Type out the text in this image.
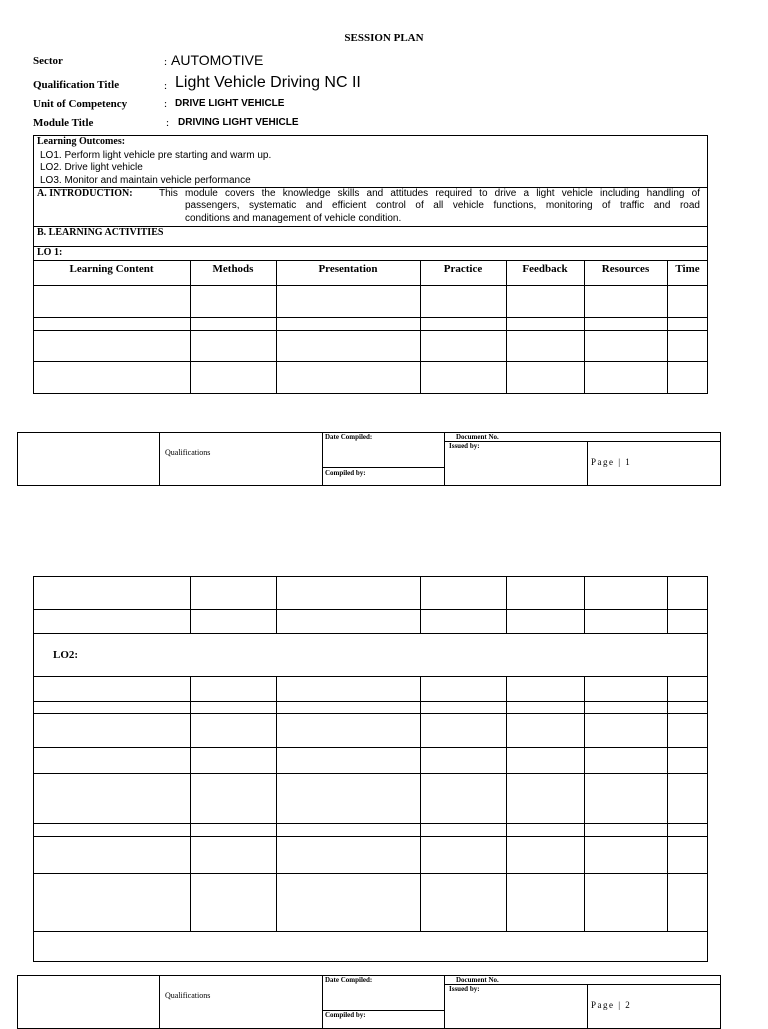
SESSION PLAN
Sector	: AUTOMOTIVE
Qualification Title	: Light Vehicle Driving NC II
Unit of Competency	: DRIVE LIGHT VEHICLE
Module Title	: DRIVING LIGHT VEHICLE
Learning Outcomes:
LO1. Perform light vehicle pre starting and warm up.
LO2. Drive light vehicle
LO3. Monitor and maintain vehicle performance
A. INTRODUCTION:	This module covers the knowledge skills and attitudes required to drive a light vehicle including handling of
passengers, systematic and efficient control of all vehicle functions, monitoring of traffic and road
conditions and management of vehicle condition.
B. LEARNING ACTIVITIES
LO 1:
Learning Content	Methods	Presentation	Practice	Feedback	Resources	Time
Qualifications
Date Compiled:
Compiled by:
Document No.
Issued by:
Page | 1
LO2:
Qualifications
Date Compiled:
Compiled by:
Document No.
Issued by:
Page | 2
